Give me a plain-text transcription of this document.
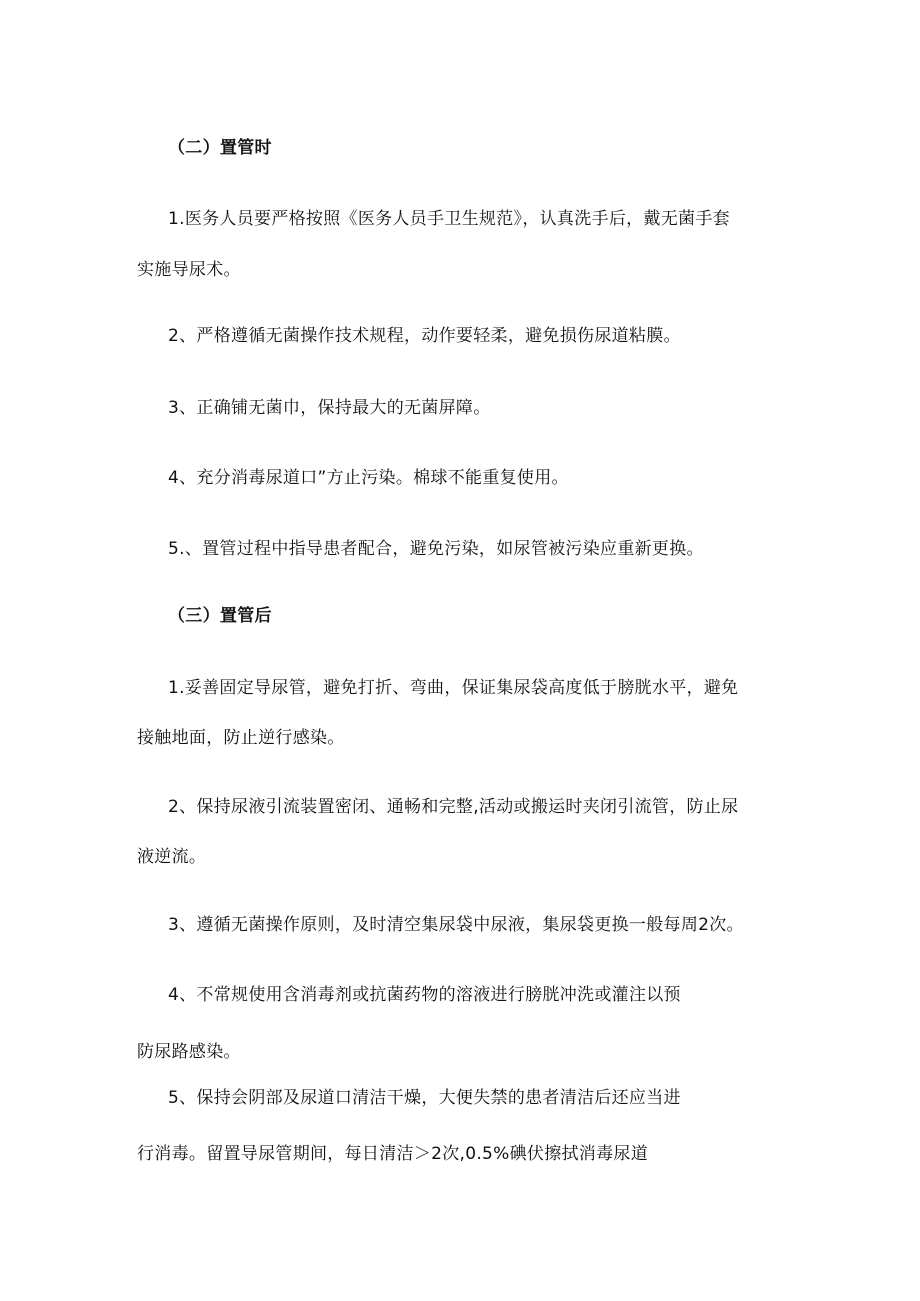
（二）置管时
1.医务人员要严格按照《医务人员手卫生规范》，认真洗手后，戴无菌手套
实施导尿术。
2、严格遵循无菌操作技术规程，动作要轻柔，避免损伤尿道粘膜。
3、正确铺无菌巾，保持最大的无菌屏障。
4、充分消毒尿道口”方止污染。棉球不能重复使用。
5.、置管过程中指导患者配合，避免污染，如尿管被污染应重新更换。
（三）置管后
1.妥善固定导尿管，避免打折、弯曲，保证集尿袋高度低于膀胱水平，避免
接触地面，防止逆行感染。
2、保持尿液引流装置密闭、通畅和完整,活动或搬运时夹闭引流管，防止尿
液逆流。
3、遵循无菌操作原则，及时清空集尿袋中尿液，集尿袋更换一般每周2次。
4、不常规使用含消毒剂或抗菌药物的溶液进行膀胱冲洗或灌注以预
防尿路感染。
5、保持会阴部及尿道口清洁干燥，大便失禁的患者清洁后还应当进
行消毒。留置导尿管期间，每日清洁＞2次,0.5%碘伏擦拭消毒尿道
